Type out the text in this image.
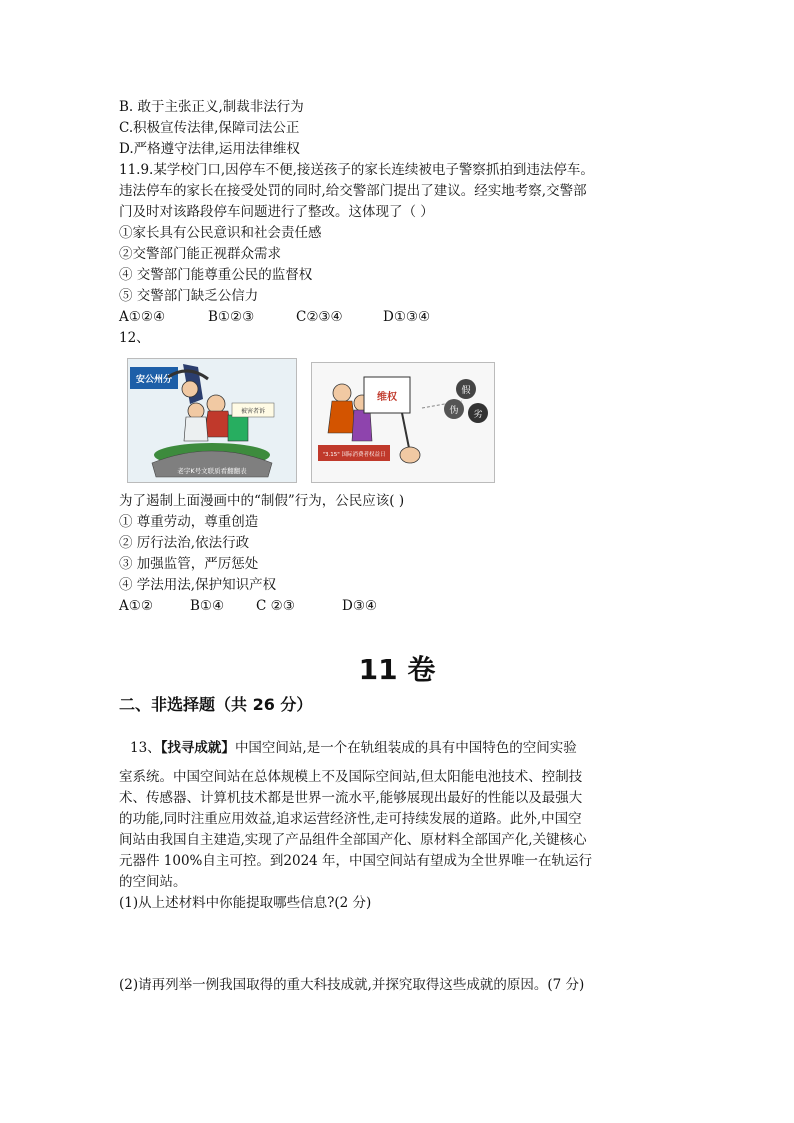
B. 敢于主张正义,制裁非法行为
C.积极宣传法律,保障司法公正
D.严格遵守法律,运用法律维权
11.9.某学校门口,因停车不便,接送孩子的家长连续被电子警察抓拍到违法停车。
违法停车的家长在接受处罚的同时,给交警部门提出了建议。经实地考察,交警部
门及时对该路段停车问题进行了整改。这体现了（ ）
①家长具有公民意识和社会责任感
②交警部门能正视群众需求
④ 交警部门能尊重公民的监督权
⑤ 交警部门缺乏公信力
A①②④	B①②③	C②③④	D①③④
12、
安公州分
被害者诉
老字K号文联质看翻翻表
维权
假
伪 劣
"3.15" 国际消费者权益日
为了遏制上面漫画中的“制假”行为，公民应该( )
① 尊重劳动，尊重创造
② 厉行法治,依法行政
③ 加强监管，严厉惩处
④ 学法用法,保护知识产权
A①②	B①④ C ②③	D③④
11 卷
二、非选择题（共 26 分）
13、【找寻成就】中国空间站,是一个在轨组装成的具有中国特色的空间实验
室系统。中国空间站在总体规模上不及国际空间站,但太阳能电池技术、控制技
术、传感器、计算机技术都是世界一流水平,能够展现出最好的性能以及最强大
的功能,同时注重应用效益,追求运营经济性,走可持续发展的道路。此外,中国空
间站由我国自主建造,实现了产品组件全部国产化、原材料全部国产化,关键核心
元器件 100%自主可控。到2024 年，中国空间站有望成为全世界唯一在轨运行
的空间站。
(1)从上述材料中你能提取哪些信息?(2 分)
(2)请再列举一例我国取得的重大科技成就,并探究取得这些成就的原因。(7 分)
